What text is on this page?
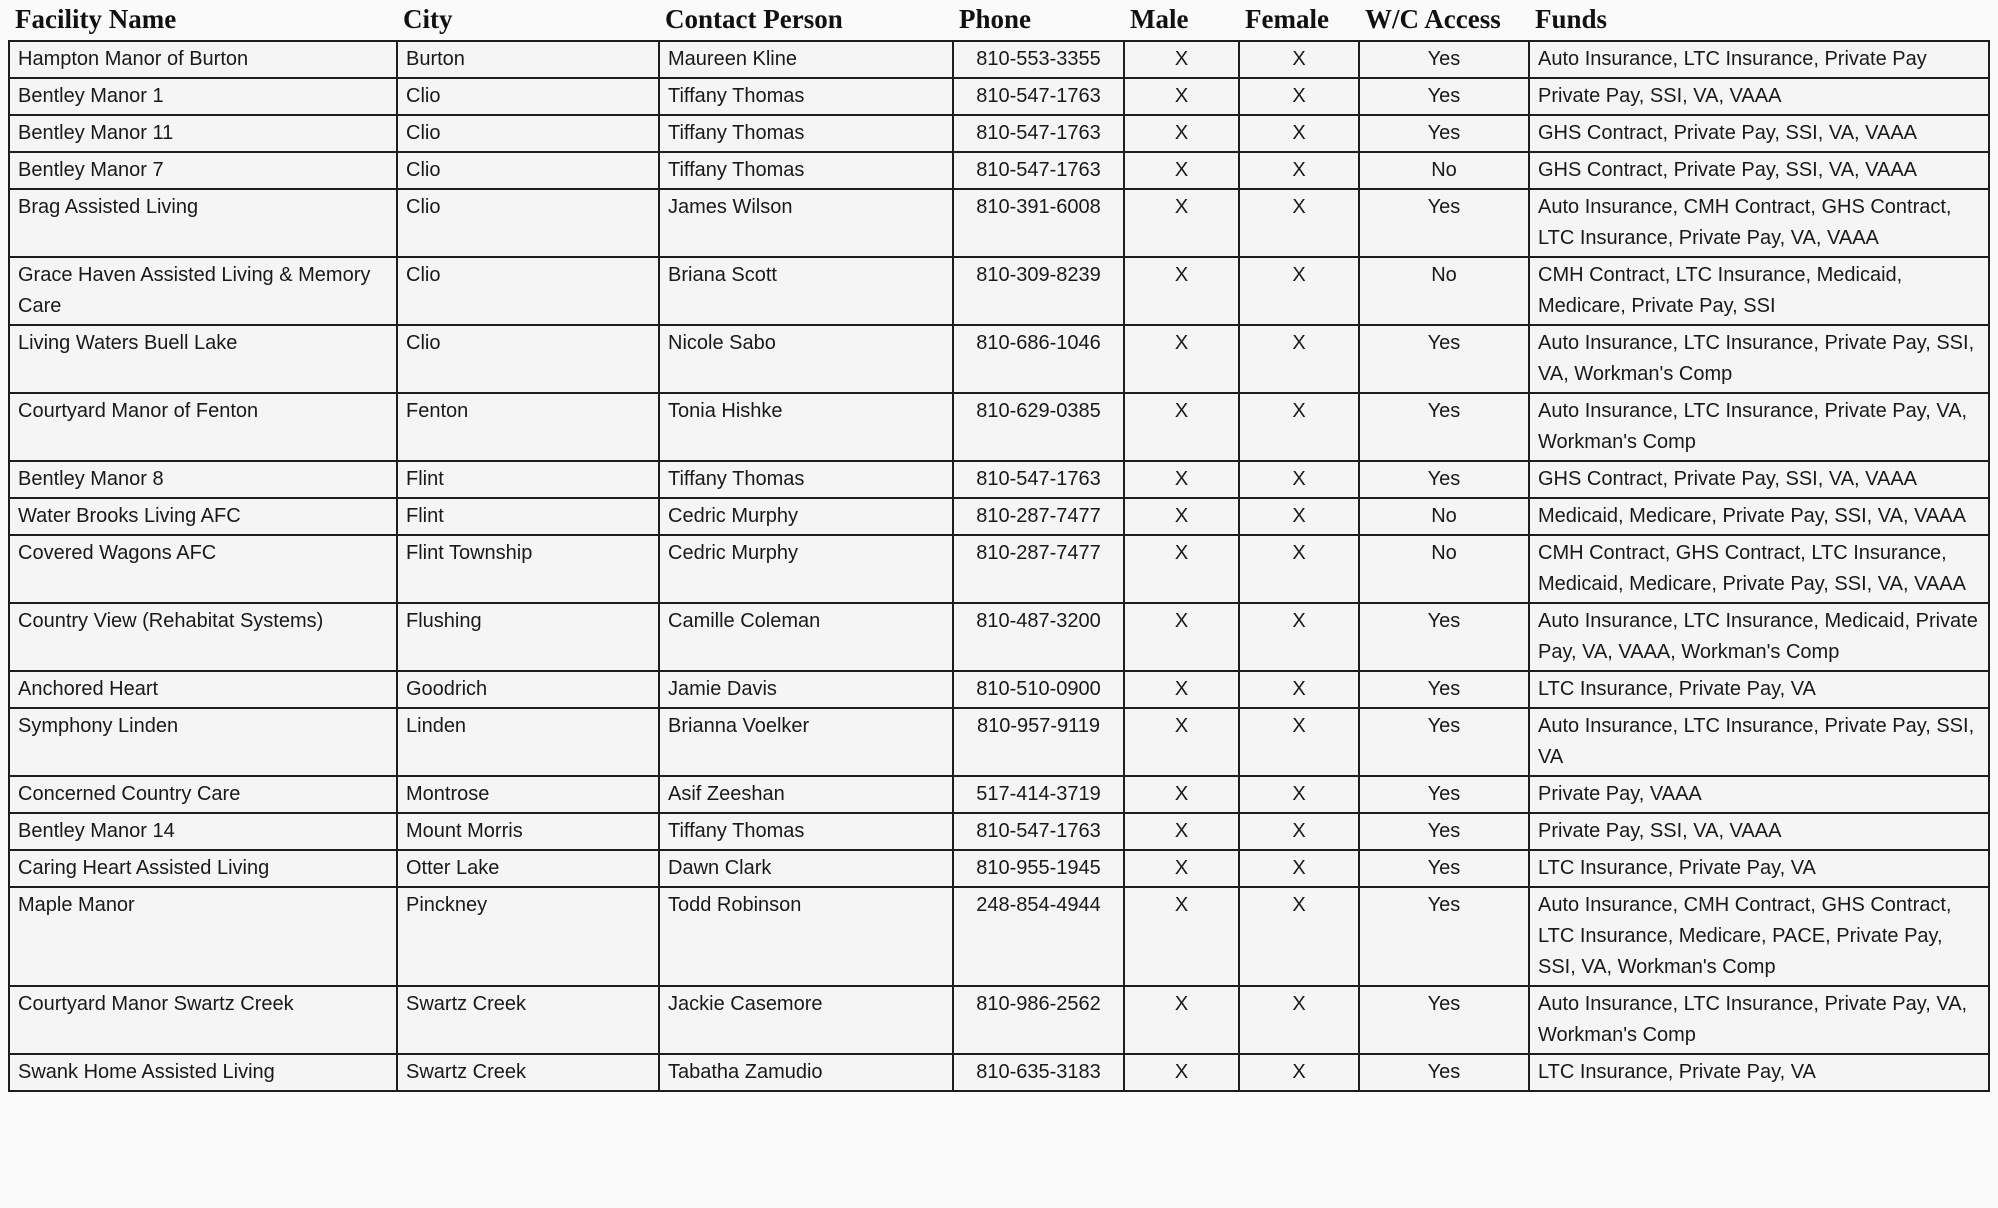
Facility Name	City	Contact Person	Phone	Male	Female	W/C Access	Funds
Hampton Manor of Burton	Burton	Maureen Kline	810-553-3355	X	X	Yes	Auto Insurance, LTC Insurance, Private Pay
Bentley Manor 1	Clio	Tiffany Thomas	810-547-1763	X	X	Yes	Private Pay, SSI, VA, VAAA
Bentley Manor 11	Clio	Tiffany Thomas	810-547-1763	X	X	Yes	GHS Contract, Private Pay, SSI, VA, VAAA
Bentley Manor 7	Clio	Tiffany Thomas	810-547-1763	X	X	No	GHS Contract, Private Pay, SSI, VA, VAAA
Brag Assisted Living	Clio	James Wilson	810-391-6008	X	X	Yes	Auto Insurance, CMH Contract, GHS Contract, LTC Insurance, Private Pay, VA, VAAA
Grace Haven Assisted Living & Memory Care	Clio	Briana Scott	810-309-8239	X	X	No	CMH Contract, LTC Insurance, Medicaid, Medicare, Private Pay, SSI
Living Waters Buell Lake	Clio	Nicole Sabo	810-686-1046	X	X	Yes	Auto Insurance, LTC Insurance, Private Pay, SSI, VA, Workman's Comp
Courtyard Manor of Fenton	Fenton	Tonia Hishke	810-629-0385	X	X	Yes	Auto Insurance, LTC Insurance, Private Pay, VA, Workman's Comp
Bentley Manor 8	Flint	Tiffany Thomas	810-547-1763	X	X	Yes	GHS Contract, Private Pay, SSI, VA, VAAA
Water Brooks Living AFC	Flint	Cedric Murphy	810-287-7477	X	X	No	Medicaid, Medicare, Private Pay, SSI, VA, VAAA
Covered Wagons AFC	Flint Township	Cedric Murphy	810-287-7477	X	X	No	CMH Contract, GHS Contract, LTC Insurance, Medicaid, Medicare, Private Pay, SSI, VA, VAAA
Country View (Rehabitat Systems)	Flushing	Camille Coleman	810-487-3200	X	X	Yes	Auto Insurance, LTC Insurance, Medicaid, Private Pay, VA, VAAA, Workman's Comp
Anchored Heart	Goodrich	Jamie Davis	810-510-0900	X	X	Yes	LTC Insurance, Private Pay, VA
Symphony Linden	Linden	Brianna Voelker	810-957-9119	X	X	Yes	Auto Insurance, LTC Insurance, Private Pay, SSI, VA
Concerned Country Care	Montrose	Asif Zeeshan	517-414-3719	X	X	Yes	Private Pay, VAAA
Bentley Manor 14	Mount Morris	Tiffany Thomas	810-547-1763	X	X	Yes	Private Pay, SSI, VA, VAAA
Caring Heart Assisted Living	Otter Lake	Dawn Clark	810-955-1945	X	X	Yes	LTC Insurance, Private Pay, VA
Maple Manor	Pinckney	Todd Robinson	248-854-4944	X	X	Yes	Auto Insurance, CMH Contract, GHS Contract, LTC Insurance, Medicare, PACE, Private Pay, SSI, VA, Workman's Comp
Courtyard Manor Swartz Creek	Swartz Creek	Jackie Casemore	810-986-2562	X	X	Yes	Auto Insurance, LTC Insurance, Private Pay, VA, Workman's Comp
Swank Home Assisted Living	Swartz Creek	Tabatha Zamudio	810-635-3183	X	X	Yes	LTC Insurance, Private Pay, VA
